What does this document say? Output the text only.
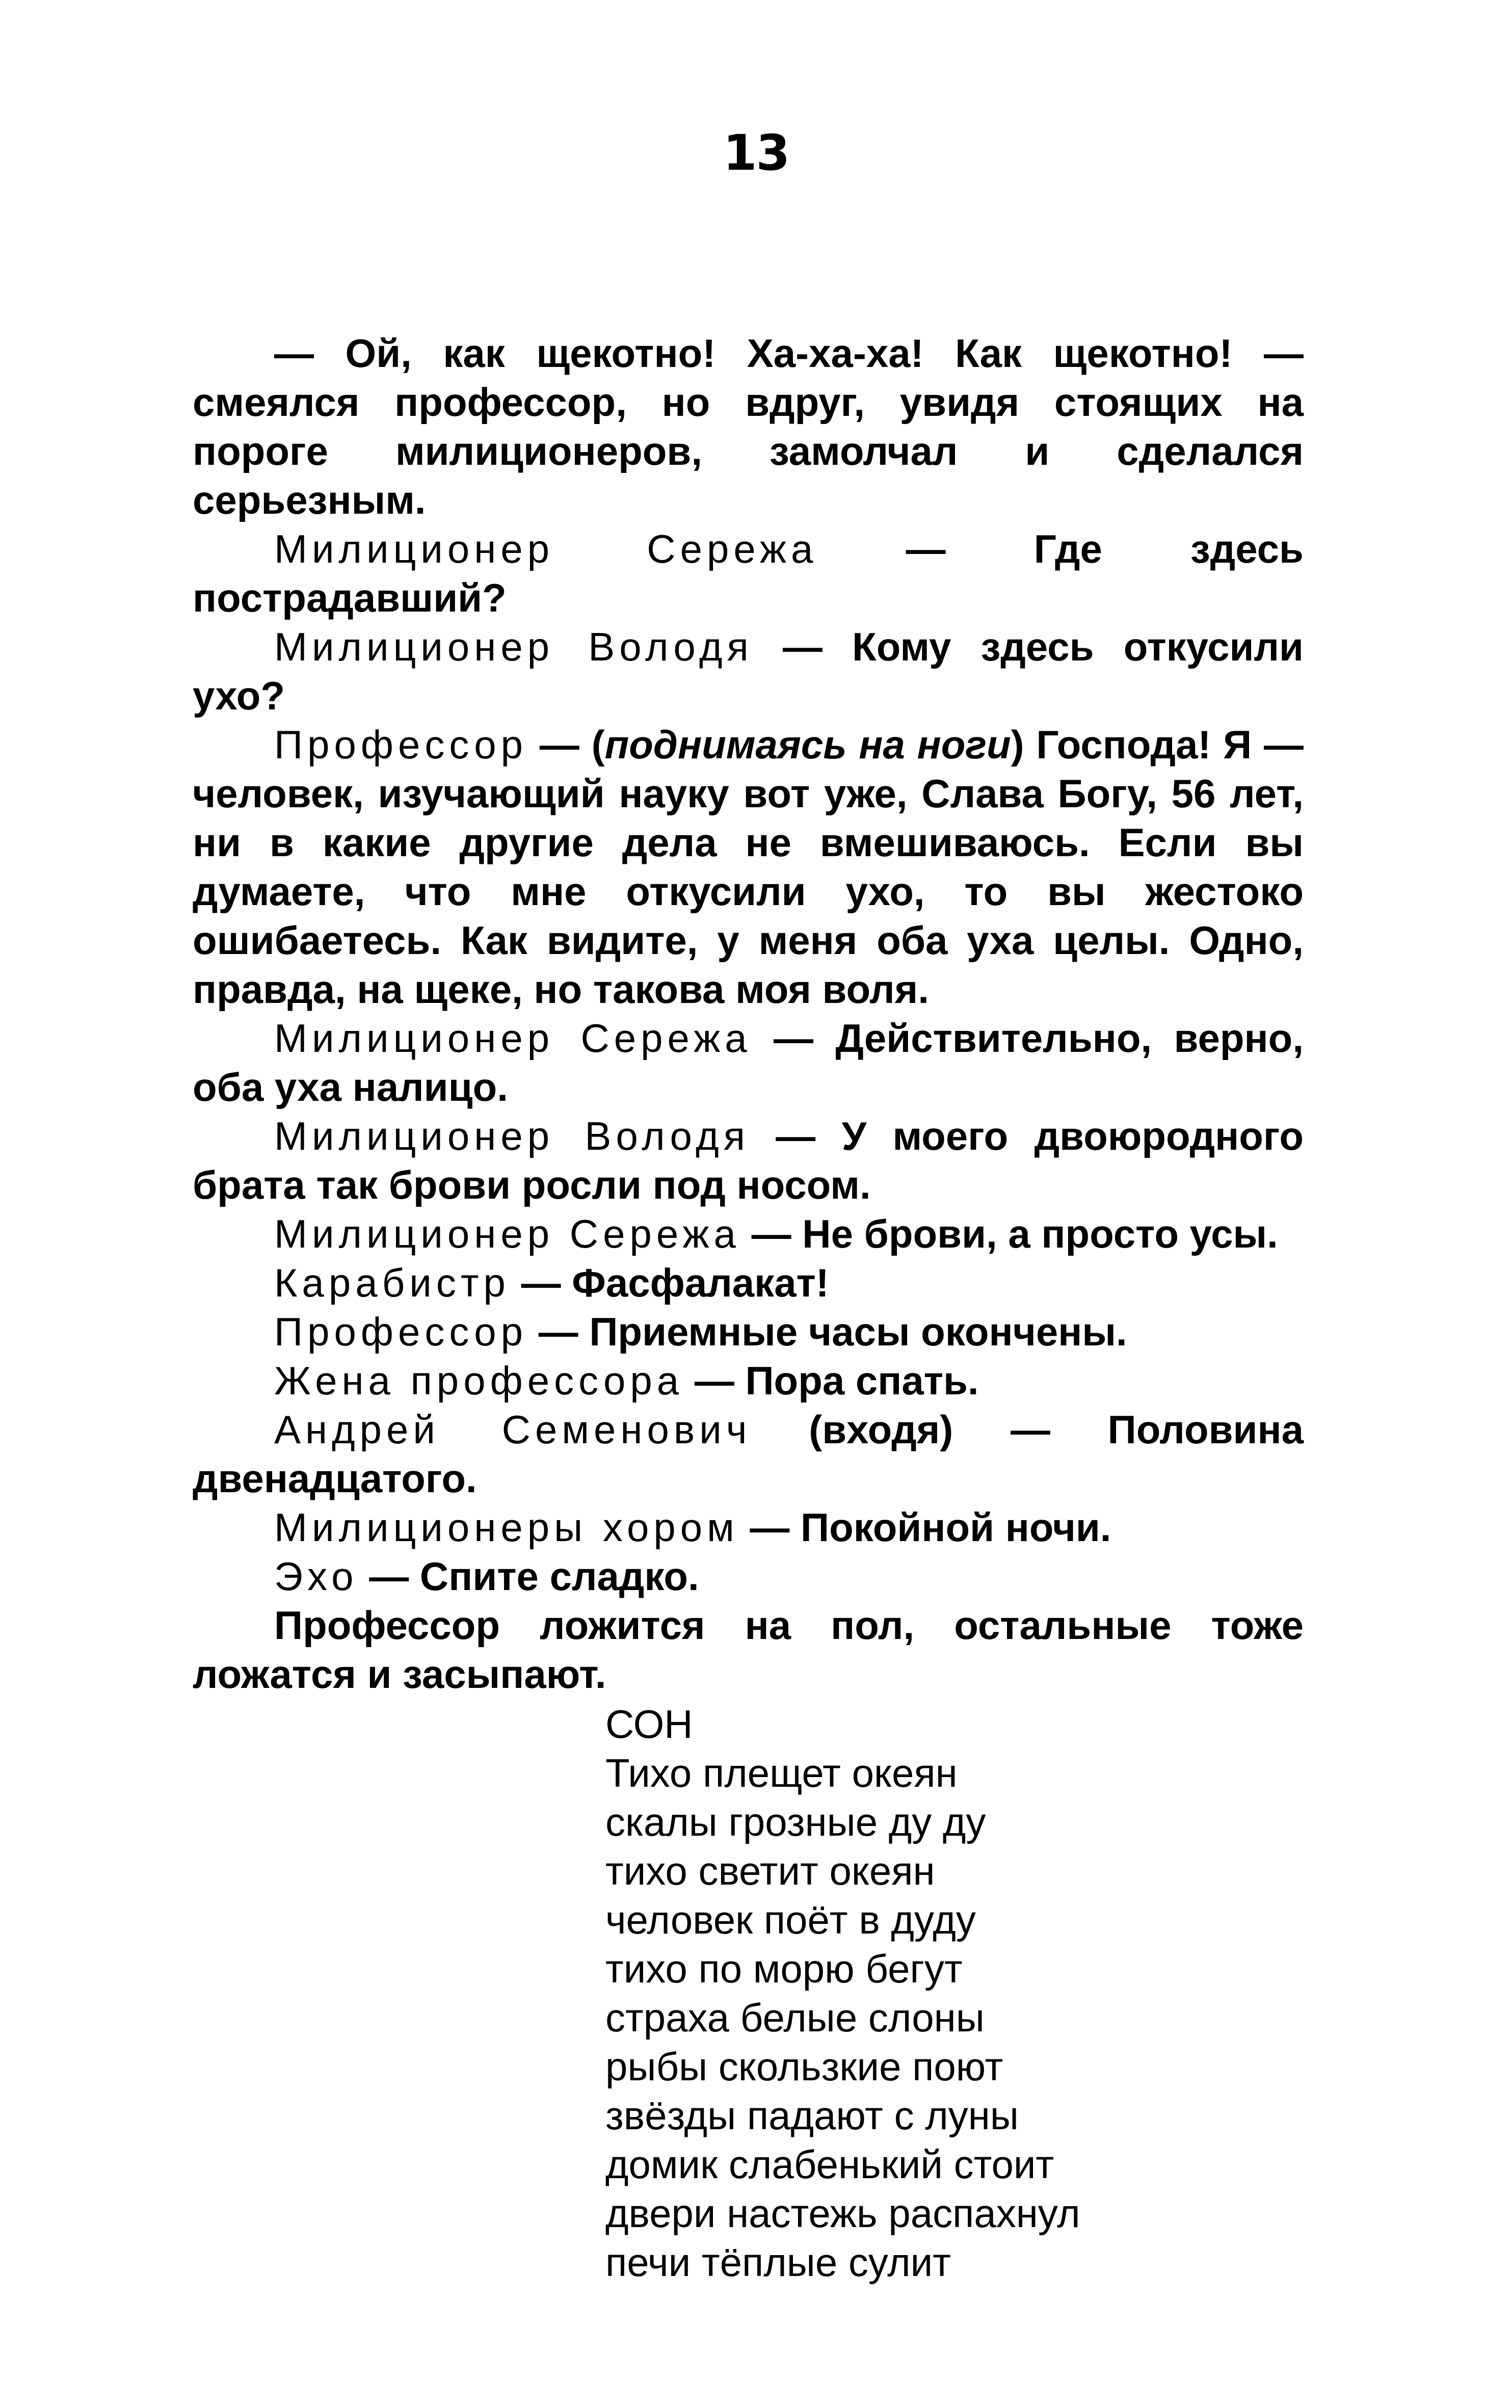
13

— Ой, как щекотно! Ха-ха-ха! Как щекотно! — смеялся профессор, но вдруг, увидя стоящих на пороге милиционеров, замолчал и сделался серьезным.

Милиционер Сережа — Где здесь пострадавший?

Милиционер Володя — Кому здесь откусили ухо?

Профессор — (поднимаясь на ноги) Господа! Я — человек, изучающий науку вот уже, Слава Богу, 56 лет, ни в какие другие дела не вмешиваюсь. Если вы думаете, что мне откусили ухо, то вы жестоко ошибаетесь. Как видите, у меня оба уха целы. Одно, правда, на щеке, но такова моя воля.

Милиционер Сережа — Действительно, верно, оба уха налицо.

Милиционер Володя — У моего двоюродного брата так брови росли под носом.

Милиционер Сережа — Не брови, а просто усы.

Карабистр — Фасфалакат!

Профессор — Приемные часы окончены.

Жена профессора — Пора спать.

Андрей Семенович (входя) — Половина двенадцатого.

Милиционеры хором — Покойной ночи.

Эхо — Спите сладко.

Профессор ложится на пол, остальные тоже ложатся и засыпают.

СОН
Тихо плещет океян
скалы грозные ду ду
тихо светит океян
человек поёт в дуду
тихо по морю бегут
страха белые слоны
рыбы скользкие поют
звёзды падают с луны
домик слабенький стоит
двери настежь распахнул
печи тёплые сулит
